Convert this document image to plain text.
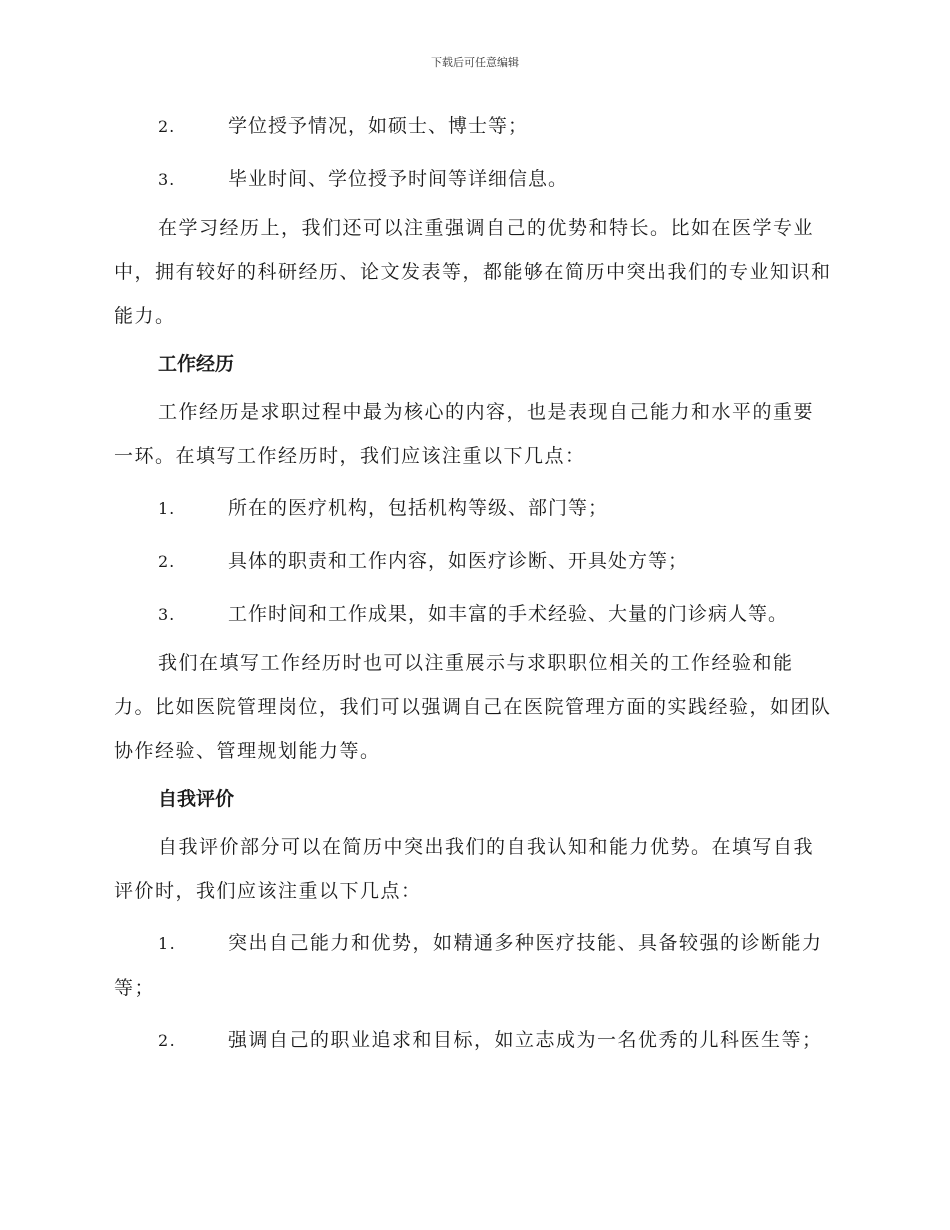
下载后可任意编辑
2.	学位授予情况，如硕士、博士等；
3.	毕业时间、学位授予时间等详细信息。

在学习经历上，我们还可以注重强调自己的优势和特长。比如在医学专业中，拥有较好的科研经历、论文发表等，都能够在简历中突出我们的专业知识和能力。

工作经历

工作经历是求职过程中最为核心的内容，也是表现自己能力和水平的重要一环。在填写工作经历时，我们应该注重以下几点：

1.	所在的医疗机构，包括机构等级、部门等；
2.	具体的职责和工作内容，如医疗诊断、开具处方等；
3.	工作时间和工作成果，如丰富的手术经验、大量的门诊病人等。

我们在填写工作经历时也可以注重展示与求职职位相关的工作经验和能力。比如医院管理岗位，我们可以强调自己在医院管理方面的实践经验，如团队协作经验、管理规划能力等。

自我评价

自我评价部分可以在简历中突出我们的自我认知和能力优势。在填写自我评价时，我们应该注重以下几点：

1.	突出自己能力和优势，如精通多种医疗技能、具备较强的诊断能力等；
2.	强调自己的职业追求和目标，如立志成为一名优秀的儿科医生等；
